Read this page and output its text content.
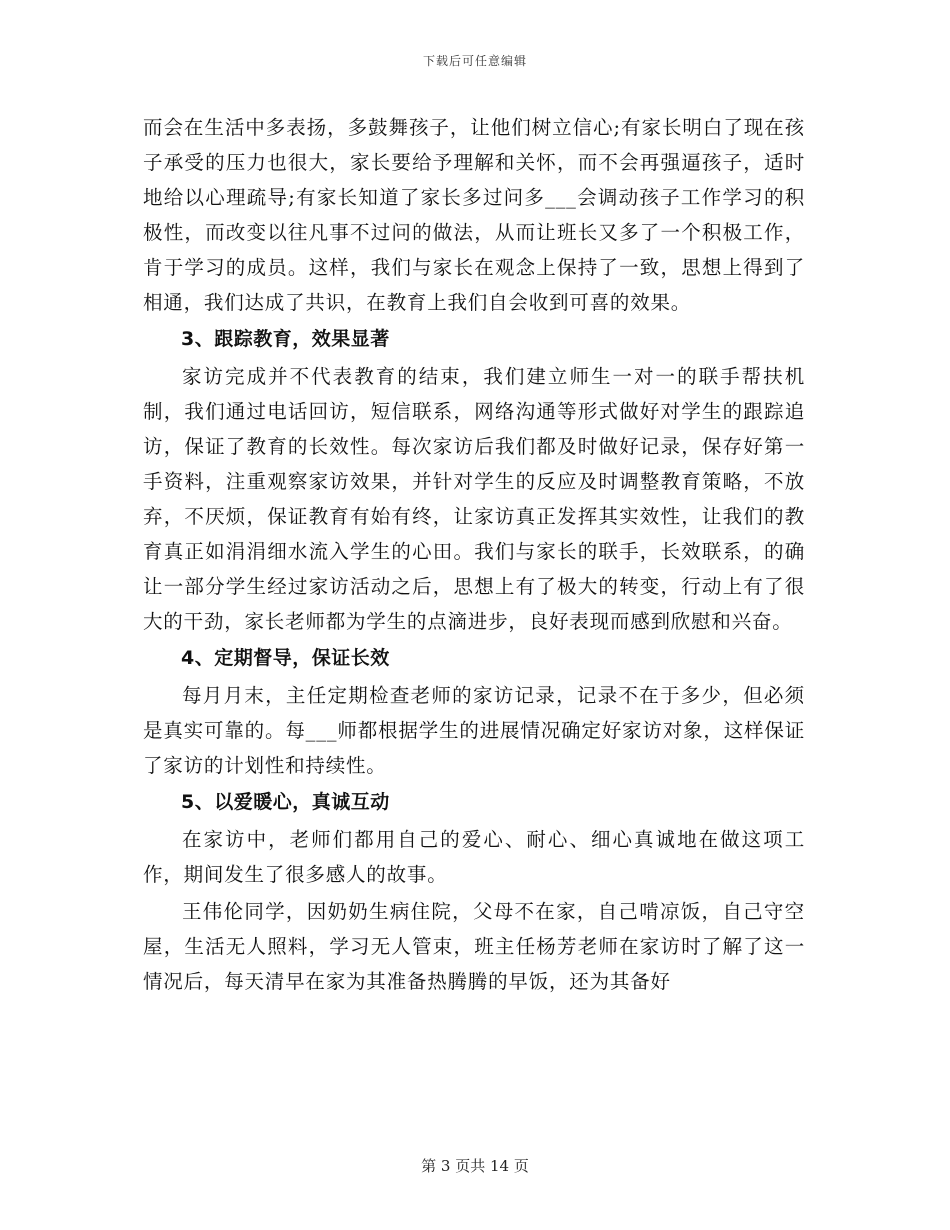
下载后可任意编辑

而会在生活中多表扬，多鼓舞孩子，让他们树立信心;有家长明白了现在孩子承受的压力也很大，家长要给予理解和关怀，而不会再强逼孩子，适时地给以心理疏导;有家长知道了家长多过问多___会调动孩子工作学习的积极性，而改变以往凡事不过问的做法，从而让班长又多了一个积极工作，肯于学习的成员。这样，我们与家长在观念上保持了一致，思想上得到了相通，我们达成了共识，在教育上我们自会收到可喜的效果。

3、跟踪教育，效果显著

家访完成并不代表教育的结束，我们建立师生一对一的联手帮扶机制，我们通过电话回访，短信联系，网络沟通等形式做好对学生的跟踪追访，保证了教育的长效性。每次家访后我们都及时做好记录，保存好第一手资料，注重观察家访效果，并针对学生的反应及时调整教育策略，不放弃，不厌烦，保证教育有始有终，让家访真正发挥其实效性，让我们的教育真正如涓涓细水流入学生的心田。我们与家长的联手，长效联系，的确让一部分学生经过家访活动之后，思想上有了极大的转变，行动上有了很大的干劲，家长老师都为学生的点滴进步，良好表现而感到欣慰和兴奋。

4、定期督导，保证长效

每月月末，主任定期检查老师的家访记录，记录不在于多少，但必须是真实可靠的。每___师都根据学生的进展情况确定好家访对象，这样保证了家访的计划性和持续性。

5、以爱暖心，真诚互动

在家访中，老师们都用自己的爱心、耐心、细心真诚地在做这项工作，期间发生了很多感人的故事。

王伟伦同学，因奶奶生病住院，父母不在家，自己啃凉饭，自己守空屋，生活无人照料，学习无人管束，班主任杨芳老师在家访时了解了这一情况后，每天清早在家为其准备热腾腾的早饭，还为其备好

第 3 页共 14 页
